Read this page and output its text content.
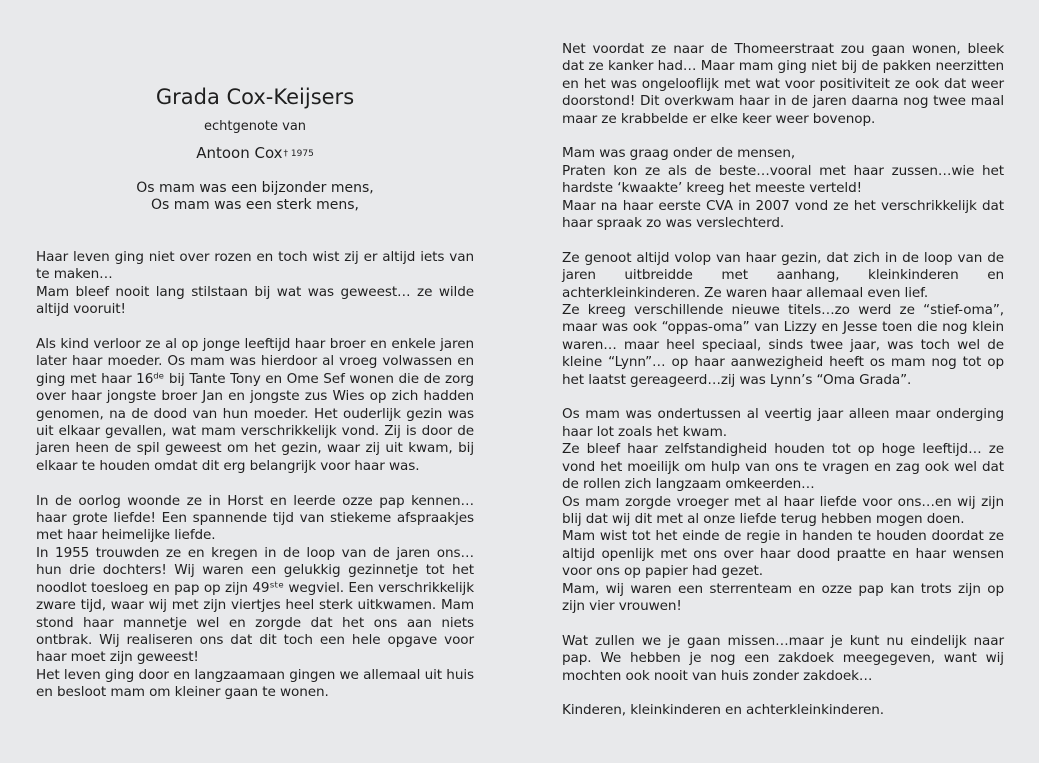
Grada Cox-Keijsers
echtgenote van
Antoon Cox$^{\dagger 1975}$
Os mam was een bijzonder mens,
Os mam was een sterk mens,
Haar leven ging niet over rozen en toch wist zij er altijd iets van te maken…
Mam bleef nooit lang stilstaan bij wat was geweest… ze wilde altijd vooruit!
Als kind verloor ze al op jonge leeftijd haar broer en enkele jaren later haar moeder. Os mam was hierdoor al vroeg volwassen en ging met haar 16ᵈᵉ bij Tante Tony en Ome Sef wonen die de zorg over haar jongste broer Jan en jongste zus Wies op zich hadden genomen, na de dood van hun moeder. Het ouderlijk gezin was uit elkaar gevallen, wat mam verschrikkelijk vond. Zij is door de jaren heen de spil geweest om het gezin, waar zij uit kwam, bij elkaar te houden omdat dit erg belangrijk voor haar was.
In de oorlog woonde ze in Horst en leerde ozze pap kennen… haar grote liefde! Een spannende tijd van stiekeme afspraakjes met haar heimelijke liefde.
In 1955 trouwden ze en kregen in de loop van de jaren ons… hun drie dochters! Wij waren een gelukkig gezinnetje tot het noodlot toesloeg en pap op zijn 49ˢᵗᵉ wegviel. Een verschrikkelijk zware tijd, waar wij met zijn viertjes heel sterk uitkwamen. Mam stond haar mannetje wel en zorgde dat het ons aan niets ontbrak. Wij realiseren ons dat dit toch een hele opgave voor haar moet zijn geweest!
Het leven ging door en langzaamaan gingen we allemaal uit huis en besloot mam om kleiner gaan te wonen.
Net voordat ze naar de Thomeerstraat zou gaan wonen, bleek dat ze kanker had… Maar mam ging niet bij de pakken neerzitten en het was ongelooflijk met wat voor positiviteit ze ook dat weer doorstond! Dit overkwam haar in de jaren daarna nog twee maal maar ze krabbelde er elke keer weer bovenop.
Mam was graag onder de mensen,
Praten kon ze als de beste…vooral met haar zussen…wie het hardste ‘kwaakte’ kreeg het meeste verteld!
Maar na haar eerste CVA in 2007 vond ze het verschrikkelijk dat haar spraak zo was verslechterd.
Ze genoot altijd volop van haar gezin, dat zich in de loop van de jaren uitbreidde met aanhang, kleinkinderen en achterkleinkinderen. Ze waren haar allemaal even lief.
Ze kreeg verschillende nieuwe titels…zo werd ze “stief-oma”, maar was ook “oppas-oma” van Lizzy en Jesse toen die nog klein waren… maar heel speciaal, sinds twee jaar, was toch wel de kleine “Lynn”… op haar aanwezigheid heeft os mam nog tot op het laatst gereageerd…zij was Lynn’s “Oma Grada”.
Os mam was ondertussen al veertig jaar alleen maar onderging haar lot zoals het kwam.
Ze bleef haar zelfstandigheid houden tot op hoge leeftijd… ze vond het moeilijk om hulp van ons te vragen en zag ook wel dat de rollen zich langzaam omkeerden…
Os mam zorgde vroeger met al haar liefde voor ons…en wij zijn blij dat wij dit met al onze liefde terug hebben mogen doen.
Mam wist tot het einde de regie in handen te houden doordat ze altijd openlijk met ons over haar dood praatte en haar wensen voor ons op papier had gezet.
Mam, wij waren een sterrenteam en ozze pap kan trots zijn op zijn vier vrouwen!
Wat zullen we je gaan missen…maar je kunt nu eindelijk naar pap. We hebben je nog een zakdoek meegegeven, want wij mochten ook nooit van huis zonder zakdoek…
Kinderen, kleinkinderen en achterkleinkinderen.
